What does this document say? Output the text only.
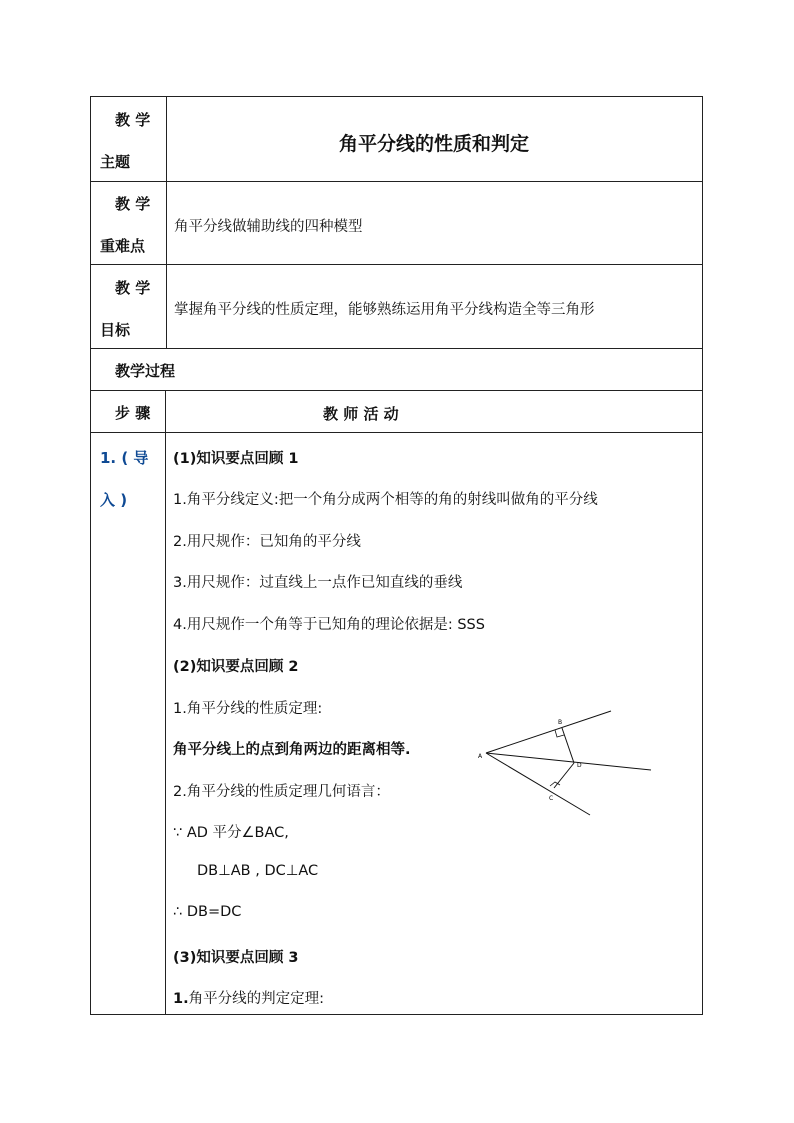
教 学
主题
角平分线的性质和判定
教 学
重难点
角平分线做辅助线的四种模型
教 学
目标
掌握角平分线的性质定理，能够熟练运用角平分线构造全等三角形
教学过程
步 骤	教 师 活 动
1. ( 导
入 )
(1)知识要点回顾 1
1.角平分线定义:把一个角分成两个相等的角的射线叫做角的平分线
2.用尺规作：已知角的平分线
3.用尺规作：过直线上一点作已知直线的垂线
4.用尺规作一个角等于已知角的理论依据是: SSS
(2)知识要点回顾 2
1.角平分线的性质定理:
角平分线上的点到角两边的距离相等.
2.角平分线的性质定理几何语言：
∵ AD 平分∠BAC,
DB⊥AB , DC⊥AC
∴ DB=DC
(3)知识要点回顾 3
1.角平分线的判定定理:
A
B
C
D
